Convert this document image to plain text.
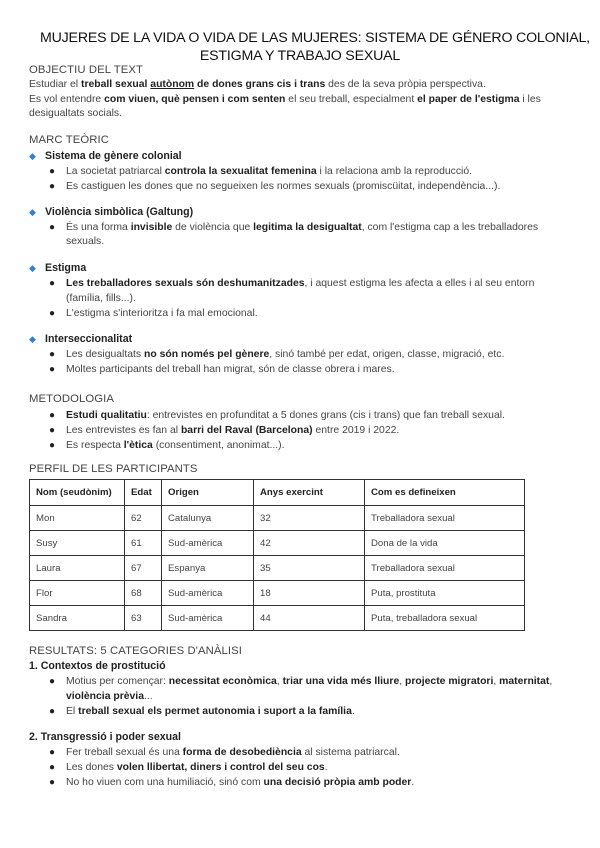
MUJERES DE LA VIDA O VIDA DE LAS MUJERES: SISTEMA DE GÉNERO COLONIAL,
ESTIGMA Y TRABAJO SEXUAL
OBJECTIU DEL TEXT
Estudiar el treball sexual autònom de dones grans cis i trans des de la seva pròpia perspectiva.
Es vol entendre com viuen, què pensen i com senten el seu treball, especialment el paper de l'estigma i les
desigualtats socials.
MARC TEÒRIC
◆ Sistema de gènere colonial
● La societat patriarcal controla la sexualitat femenina i la relaciona amb la reproducció.
● Es castiguen les dones que no segueixen les normes sexuals (promiscüitat, independència...).
◆ Violència simbòlica (Galtung)
● És una forma invisible de violència que legitima la desigualtat, com l'estigma cap a les treballadores
sexuals.
◆ Estigma
● Les treballadores sexuals són deshumanitzades, i aquest estigma les afecta a elles i al seu entorn
(família, fills...).
● L'estigma s'interioritza i fa mal emocional.
◆ Interseccionalitat
● Les desigualtats no són només pel gènere, sinó també per edat, origen, classe, migració, etc.
● Moltes participants del treball han migrat, són de classe obrera i mares.
METODOLOGIA
● Estudi qualitatiu: entrevistes en profunditat a 5 dones grans (cis i trans) que fan treball sexual.
● Les entrevistes es fan al barri del Raval (Barcelona) entre 2019 i 2022.
● Es respecta l'ètica (consentiment, anonimat...).
PERFIL DE LES PARTICIPANTS
Nom (seudònim)	Edat	Origen	Anys exercint	Com es defineixen
Mon	62	Catalunya	32	Treballadora sexual
Susy	61	Sud-amèrica	42	Dona de la vida
Laura	67	Espanya	35	Treballadora sexual
Flor	68	Sud-amèrica	18	Puta, prostituta
Sandra	63	Sud-amèrica	44	Puta, treballadora sexual
RESULTATS: 5 CATEGORIES D'ANÀLISI
1. Contextos de prostitució
● Motius per començar: necessitat econòmica, triar una vida més lliure, projecte migratori, maternitat,
violència prèvia...
● El treball sexual els permet autonomia i suport a la família.
2. Transgressió i poder sexual
● Fer treball sexual és una forma de desobediència al sistema patriarcal.
● Les dones volen llibertat, diners i control del seu cos.
● No ho viuen com una humiliació, sinó com una decisió pròpia amb poder.
